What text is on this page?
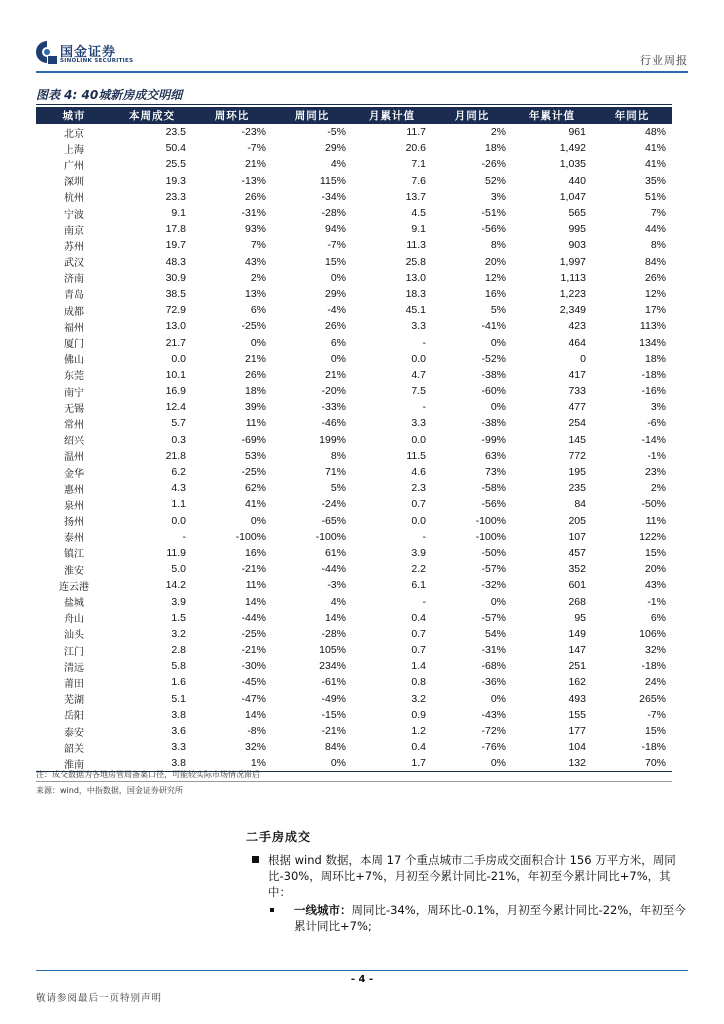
国金证券
SINOLINK SECURITIES	行业周报
图表 4: 40城新房成交明细
城市	本周成交	周环比	周同比	月累计值	月同比	年累计值	年同比
北京	23.5	-23%	-5%	11.7	2%	961	48%
上海	50.4	-7%	29%	20.6	18%	1,492	41%
广州	25.5	21%	4%	7.1	-26%	1,035	41%
深圳	19.3	-13%	115%	7.6	52%	440	35%
杭州	23.3	26%	-34%	13.7	3%	1,047	51%
宁波	9.1	-31%	-28%	4.5	-51%	565	7%
南京	17.8	93%	94%	9.1	-56%	995	44%
苏州	19.7	7%	-7%	11.3	8%	903	8%
武汉	48.3	43%	15%	25.8	20%	1,997	84%
济南	30.9	2%	0%	13.0	12%	1,113	26%
青岛	38.5	13%	29%	18.3	16%	1,223	12%
成都	72.9	6%	-4%	45.1	5%	2,349	17%
福州	13.0	-25%	26%	3.3	-41%	423	113%
厦门	21.7	0%	6%	-	0%	464	134%
佛山	0.0	21%	0%	0.0	-52%	0	18%
东莞	10.1	26%	21%	4.7	-38%	417	-18%
南宁	16.9	18%	-20%	7.5	-60%	733	-16%
无锡	12.4	39%	-33%	-	0%	477	3%
常州	5.7	11%	-46%	3.3	-38%	254	-6%
绍兴	0.3	-69%	199%	0.0	-99%	145	-14%
温州	21.8	53%	8%	11.5	63%	772	-1%
金华	6.2	-25%	71%	4.6	73%	195	23%
惠州	4.3	62%	5%	2.3	-58%	235	2%
泉州	1.1	41%	-24%	0.7	-56%	84	-50%
扬州	0.0	0%	-65%	0.0	-100%	205	11%
泰州	-	-100%	-100%	-	-100%	107	122%
镇江	11.9	16%	61%	3.9	-50%	457	15%
淮安	5.0	-21%	-44%	2.2	-57%	352	20%
连云港	14.2	11%	-3%	6.1	-32%	601	43%
盐城	3.9	14%	4%	-	0%	268	-1%
舟山	1.5	-44%	14%	0.4	-57%	95	6%
汕头	3.2	-25%	-28%	0.7	54%	149	106%
江门	2.8	-21%	105%	0.7	-31%	147	32%
清远	5.8	-30%	234%	1.4	-68%	251	-18%
莆田	1.6	-45%	-61%	0.8	-36%	162	24%
芜湖	5.1	-47%	-49%	3.2	0%	493	265%
岳阳	3.8	14%	-15%	0.9	-43%	155	-7%
泰安	3.6	-8%	-21%	1.2	-72%	177	15%
韶关	3.3	32%	84%	0.4	-76%	104	-18%
淮南	3.8	1%	0%	1.7	0%	132	70%
注：成交数据为各地房管局备案口径，可能较实际市场情况滞后
来源：wind，中指数据，国金证券研究所
二手房成交
根据 wind 数据，本周 17 个重点城市二手房成交面积合计 156 万平方米，周同比-30%，周环比+7%，月初至今累计同比-21%，年初至今累计同比+7%，其中：
一线城市：周同比-34%，周环比-0.1%，月初至今累计同比-22%，年初至今累计同比+7%;
- 4 -
敬请参阅最后一页特别声明
